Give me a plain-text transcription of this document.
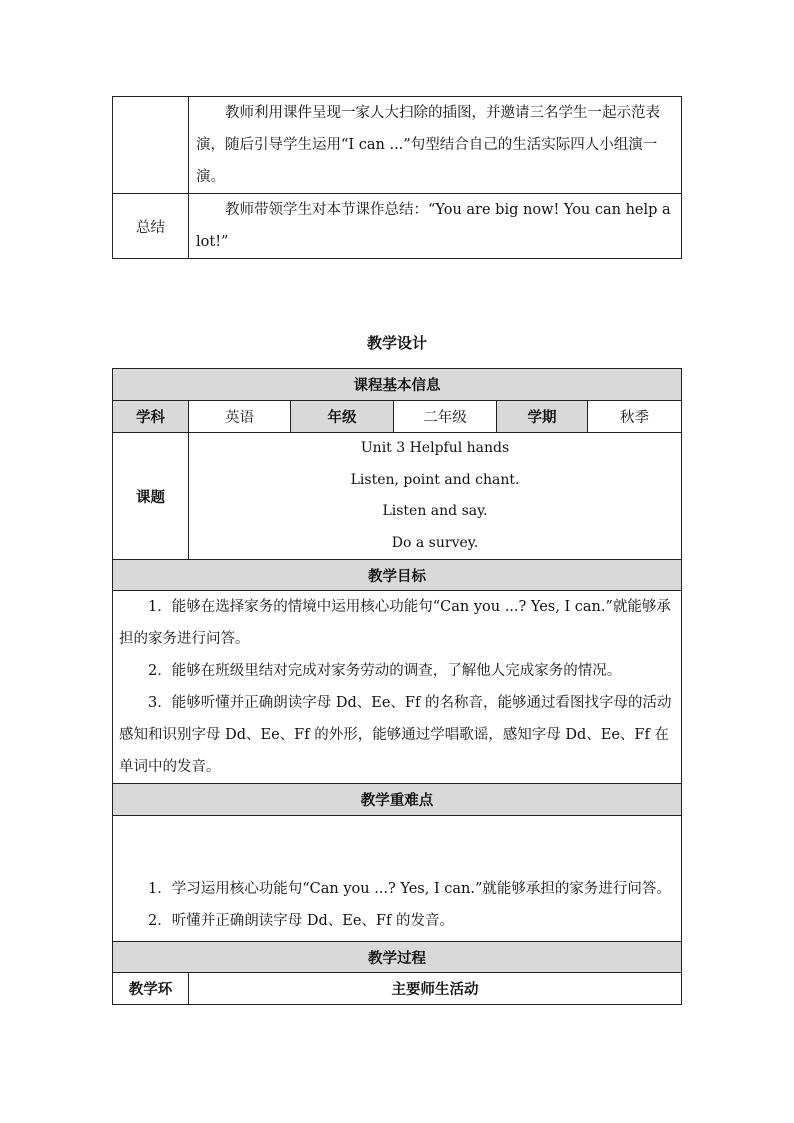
	教师利用课件呈现一家人大扫除的插图，并邀请三名学生一起示范表演，随后引导学生运用“I can ...”句型结合自己的生活实际四人小组演一演。
总结	教师带领学生对本节课作总结：“You are big now! You can help a lot!”
教学设计
课程基本信息					
学科	英语	年级	二年级	学期	秋季
课题	Unit 3 Helpful hands
Listen, point and chant.
Listen and say.
Do a survey.				

教学目标					

1．能够在选择家务的情境中运用核心功能句“Can you ...? Yes, I can.”就能够承担的家务进行问答。

2．能够在班级里结对完成对家务劳动的调查，了解他人完成家务的情况。

3．能够听懂并正确朗读字母 Dd、Ee、Ff 的名称音，能够通过看图找字母的活动感知和识别字母 Dd、Ee、Ff 的外形，能够通过学唱歌谣，感知字母 Dd、Ee、Ff 在单词中的发音。					

教学重难点					

1．学习运用核心功能句“Can you ...? Yes, I can.”就能够承担的家务进行问答。

2．听懂并正确朗读字母 Dd、Ee、Ff 的发音。					

教学过程					
教学环	主要师生活动				
